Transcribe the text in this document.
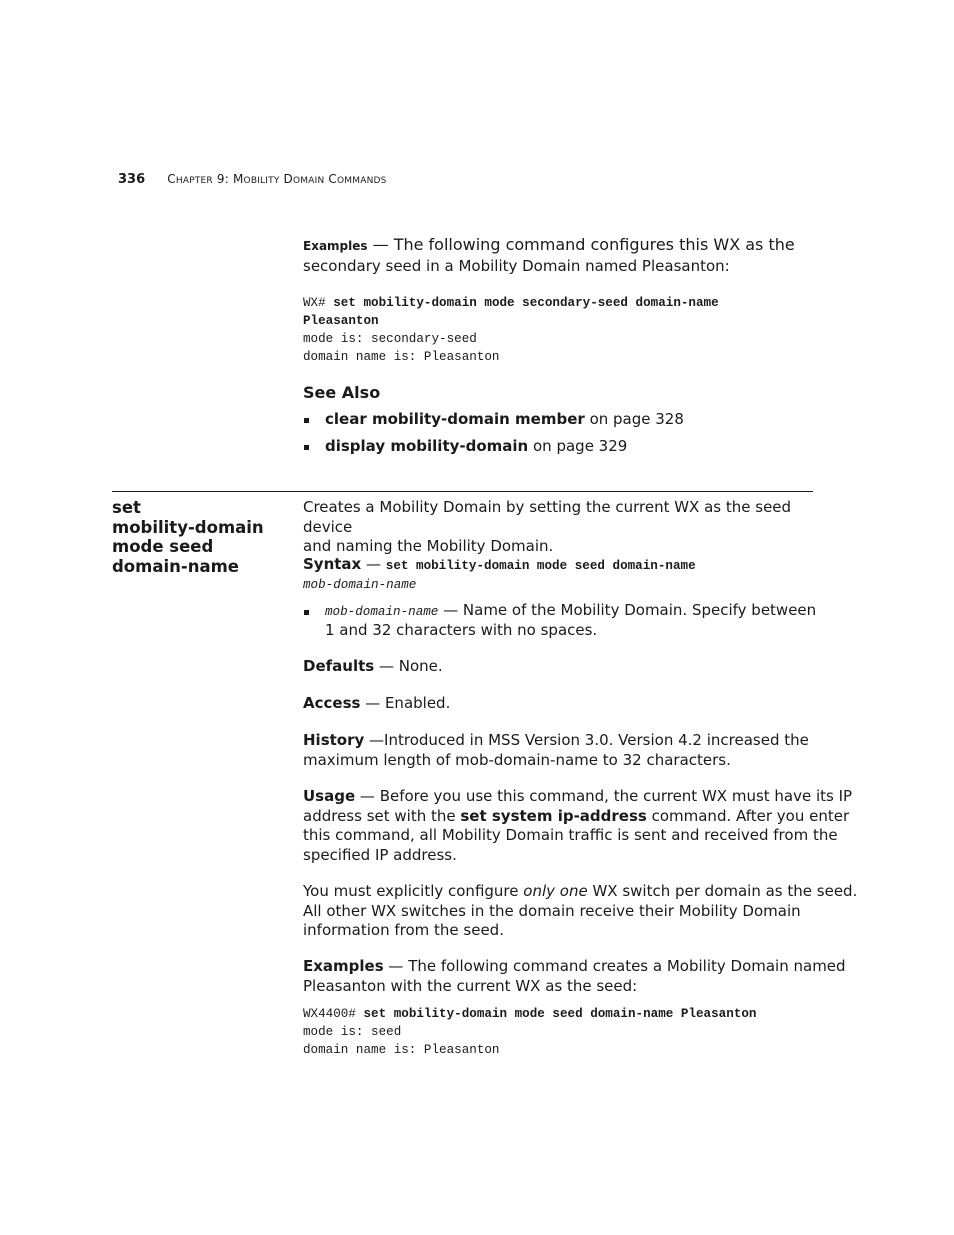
336 CHAPTER 9: MOBILITY DOMAIN COMMANDS

Examples — The following command configures this WX as the

secondary seed in a Mobility Domain named Pleasanton:

WX# set mobility-domain mode secondary-seed domain-name
Pleasanton
mode is: secondary-seed
domain name is: Pleasanton
See Also
clear mobility-domain member on page 328
display mobility-domain on page 329
set
mobility-domain
mode seed
domain-name

Creates a Mobility Domain by setting the current WX as the seed device

and naming the Mobility Domain.

Syntax — set mobility-domain mode seed domain-name
mob-domain-name

mob-domain-name — Name of the Mobility Domain. Specify between

1 and 32 characters with no spaces.

Defaults — None.
Access — Enabled.

History —Introduced in MSS Version 3.0. Version 4.2 increased the

maximum length of mob-domain-name to 32 characters.

Usage — Before you use this command, the current WX must have its IP

address set with the set system ip-address command. After you enter

this command, all Mobility Domain traffic is sent and received from the

specified IP address.

You must explicitly configure only one WX switch per domain as the seed.

All other WX switches in the domain receive their Mobility Domain

information from the seed.

Examples — The following command creates a Mobility Domain named

Pleasanton with the current WX as the seed:

WX4400# set mobility-domain mode seed domain-name Pleasanton
mode is: seed
domain name is: Pleasanton
